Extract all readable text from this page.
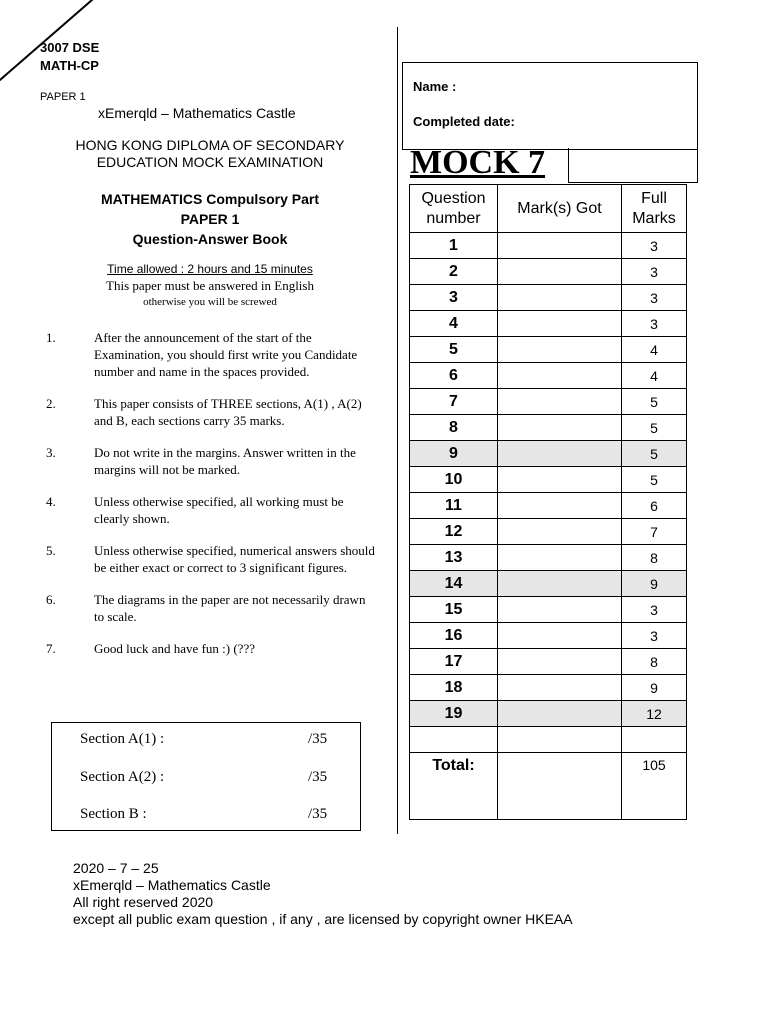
3007 DSE
MATH-CP
PAPER 1
xEmerqld – Mathematics Castle
HONG KONG DIPLOMA OF SECONDARY
EDUCATION MOCK EXAMINATION
MATHEMATICS Compulsory Part
PAPER 1
Question-Answer Book
Time allowed : 2 hours and 15 minutes
This paper must be answered in English
otherwise you will be screwed
1.	After the announcement of the start of the Examination, you should first write you Candidate number and name in the spaces provided.
2.	This paper consists of THREE sections, A(1) , A(2) and B, each sections carry 35 marks.
3.	Do not write in the margins. Answer written in the margins will not be marked.
4.	Unless otherwise specified, all working must be clearly shown.
5.	Unless otherwise specified, numerical answers should be either exact or correct to 3 significant figures.
6.	The diagrams in the paper are not necessarily drawn to scale.
7.	Good luck and have fun :) (???
Section A(1) :	/35
Section A(2) :	/35
Section B :	/35
Name :
Completed date:
MOCK 7
Question number	Mark(s) Got	Full Marks
1		3
2		3
3		3
4		3
5		4
6		4
7		5
8		5
9		5
10		5
11		6
12		7
13		8
14		9
15		3
16		3
17		8
18		9
19		12

Total:		105
2020 – 7 – 25
xEmerqld – Mathematics Castle
All right reserved 2020
except all public exam question , if any , are licensed by copyright owner HKEAA
